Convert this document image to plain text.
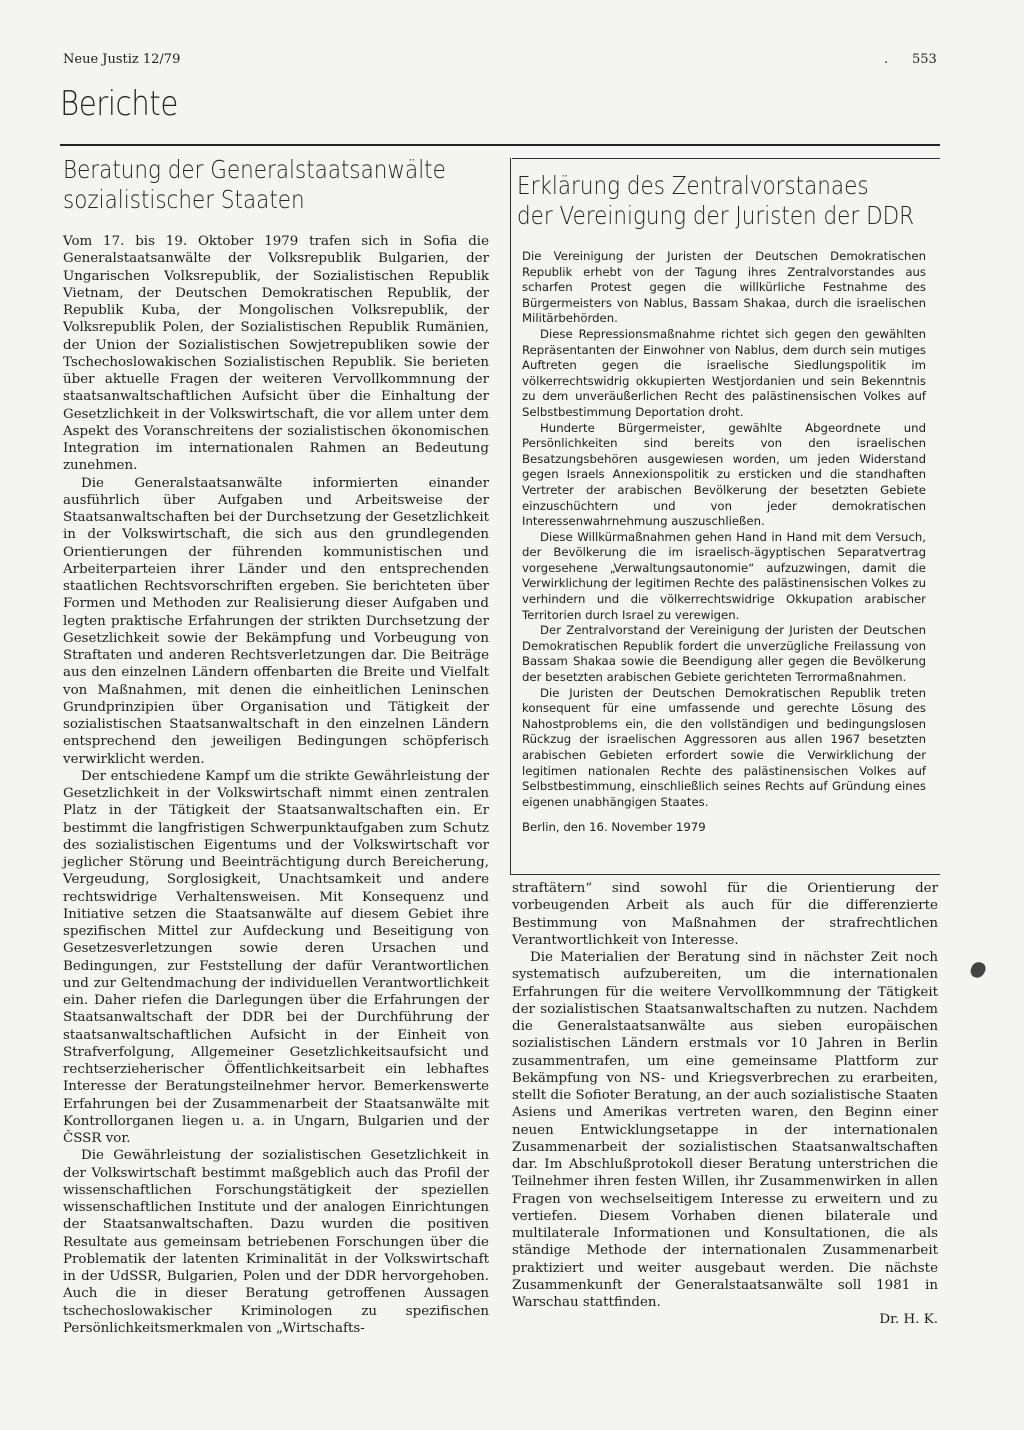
Neue Justiz 12/79	. 553
Berichte
Beratung der Generalstaatsanwälte
sozialistischer Staaten	Erklärung des Zentralvorstanaes
der Vereinigung der Juristen der DDR

Vom 17. bis 19. Oktober 1979 trafen sich in Sofia die Generalstaatsanwälte der Volksrepublik Bulgarien, der Ungarischen Volksrepublik, der Sozialistischen Republik Vietnam, der Deutschen Demokratischen Republik, der Republik Kuba, der Mongolischen Volksrepublik, der Volksrepublik Polen, der Sozialistischen Republik Rumänien, der Union der Sozialistischen Sowjetrepubliken sowie der Tschechoslowakischen Sozialistischen Republik. Sie berieten über aktuelle Fragen der weiteren Vervollkommnung der staatsanwaltschaftlichen Aufsicht über die Einhaltung der Gesetzlichkeit in der Volkswirtschaft, die vor allem unter dem Aspekt des Voranschreitens der sozialistischen ökonomischen Integration im internationalen Rahmen an Bedeutung zunehmen.

Die Generalstaatsanwälte informierten einander ausführlich über Aufgaben und Arbeitsweise der Staatsanwaltschaften bei der Durchsetzung der Gesetzlichkeit in der Volkswirtschaft, die sich aus den grundlegenden Orientierungen der führenden kommunistischen und Arbeiterparteien ihrer Länder und den entsprechenden staatlichen Rechtsvorschriften ergeben. Sie berichteten über Formen und Methoden zur Realisierung dieser Aufgaben und legten praktische Erfahrungen der strikten Durchsetzung der Gesetzlichkeit sowie der Bekämpfung und Vorbeugung von Straftaten und anderen Rechtsverletzungen dar. Die Beiträge aus den einzelnen Ländern offenbarten die Breite und Vielfalt von Maßnahmen, mit denen die einheitlichen Leninschen Grundprinzipien über Organisation und Tätigkeit der sozialistischen Staatsanwaltschaft in den einzelnen Ländern entsprechend den jeweiligen Bedingungen schöpferisch verwirklicht werden.

Der entschiedene Kampf um die strikte Gewährleistung der Gesetzlichkeit in der Volkswirtschaft nimmt einen zentralen Platz in der Tätigkeit der Staatsanwaltschaften ein. Er bestimmt die langfristigen Schwerpunktaufgaben zum Schutz des sozialistischen Eigentums und der Volkswirtschaft vor jeglicher Störung und Beeinträchtigung durch Bereicherung, Vergeudung, Sorglosigkeit, Unachtsamkeit und andere rechtswidrige Verhaltensweisen. Mit Konsequenz und Initiative setzen die Staatsanwälte auf diesem Gebiet ihre spezifischen Mittel zur Aufdeckung und Beseitigung von Gesetzesverletzungen sowie deren Ursachen und Bedingungen, zur Feststellung der dafür Verantwortlichen und zur Geltendmachung der individuellen Verantwortlichkeit ein. Daher riefen die Darlegungen über die Erfahrungen der Staatsanwaltschaft der DDR bei der Durchführung der staatsanwaltschaftlichen Aufsicht in der Einheit von Strafverfolgung, Allgemeiner Gesetzlichkeitsaufsicht und rechtserzieherischer Öffentlichkeitsarbeit ein lebhaftes Interesse der Beratungsteilnehmer hervor. Bemerkenswerte Erfahrungen bei der Zusammenarbeit der Staatsanwälte mit Kontrollorganen liegen u. a. in Ungarn, Bulgarien und der ČSSR vor.

Die Gewährleistung der sozialistischen Gesetzlichkeit in der Volkswirtschaft bestimmt maßgeblich auch das Profil der wissenschaftlichen Forschungstätigkeit der speziellen wissenschaftlichen Institute und der analogen Einrichtungen der Staatsanwaltschaften. Dazu wurden die positiven Resultate aus gemeinsam betriebenen Forschungen über die Problematik der latenten Kriminalität in der Volkswirtschaft in der UdSSR, Bulgarien, Polen und der DDR hervorgehoben. Auch die in dieser Beratung getroffenen Aussagen tschechoslowakischer Kriminologen zu spezifischen Persönlichkeitsmerkmalen von „Wirtschafts-

Die Vereinigung der Juristen der Deutschen Demokratischen Republik erhebt von der Tagung ihres Zentralvorstandes aus scharfen Protest gegen die willkürliche Festnahme des Bürgermeisters von Nablus, Bassam Shakaa, durch die israelischen Militärbehörden.

Diese Repressionsmaßnahme richtet sich gegen den gewählten Repräsentanten der Einwohner von Nablus, dem durch sein mutiges Auftreten gegen die israelische Siedlungspolitik im völkerrechtswidrig okkupierten Westjordanien und sein Bekenntnis zu dem unveräußerlichen Recht des palästinensischen Volkes auf Selbstbestimmung Deportation droht.

Hunderte Bürgermeister, gewählte Abgeordnete und Persönlichkeiten sind bereits von den israelischen Besatzungsbehören ausgewiesen worden, um jeden Widerstand gegen Israels Annexionspolitik zu ersticken und die standhaften Vertreter der arabischen Bevölkerung der besetzten Gebiete einzuschüchtern und von jeder demokratischen Interessenwahrnehmung auszuschließen.

Diese Willkürmaßnahmen gehen Hand in Hand mit dem Versuch, der Bevölkerung die im israelisch-ägyptischen Separatvertrag vorgesehene „Verwaltungsautonomie“ aufzuzwingen, damit die Verwirklichung der legitimen Rechte des palästinensischen Volkes zu verhindern und die völkerrechtswidrige Okkupation arabischer Territorien durch Israel zu verewigen.

Der Zentralvorstand der Vereinigung der Juristen der Deutschen Demokratischen Republik fordert die unverzügliche Freilassung von Bassam Shakaa sowie die Beendigung aller gegen die Bevölkerung der besetzten arabischen Gebiete gerichteten Terrormaßnahmen.

Die Juristen der Deutschen Demokratischen Republik treten konsequent für eine umfassende und gerechte Lösung des Nahostproblems ein, die den vollständigen und bedingungslosen Rückzug der israelischen Aggressoren aus allen 1967 besetzten arabischen Gebieten erfordert sowie die Verwirklichung der legitimen nationalen Rechte des palästinensischen Volkes auf Selbstbestimmung, einschließlich seines Rechts auf Gründung eines eigenen unabhängigen Staates.

Berlin, den 16. November 1979

straftätern“ sind sowohl für die Orientierung der vorbeugenden Arbeit als auch für die differenzierte Bestimmung von Maßnahmen der strafrechtlichen Verantwortlichkeit von Interesse.

Die Materialien der Beratung sind in nächster Zeit noch systematisch aufzubereiten, um die internationalen Erfahrungen für die weitere Vervollkommnung der Tätigkeit der sozialistischen Staatsanwaltschaften zu nutzen. Nachdem die Generalstaatsanwälte aus sieben europäischen sozialistischen Ländern erstmals vor 10 Jahren in Berlin zusammentrafen, um eine gemeinsame Plattform zur Bekämpfung von NS- und Kriegsverbrechen zu erarbeiten, stellt die Sofioter Beratung, an der auch sozialistische Staaten Asiens und Amerikas vertreten waren, den Beginn einer neuen Entwicklungsetappe in der internationalen Zusammenarbeit der sozialistischen Staatsanwaltschaften dar. Im Abschlußprotokoll dieser Beratung unterstrichen die Teilnehmer ihren festen Willen, ihr Zusammenwirken in allen Fragen von wechselseitigem Interesse zu erweitern und zu vertiefen. Diesem Vorhaben dienen bilaterale und multilaterale Informationen und Konsultationen, die als ständige Methode der internationalen Zusammenarbeit praktiziert und weiter ausgebaut werden. Die nächste Zusammenkunft der Generalstaatsanwälte soll 1981 in Warschau stattfinden.

Dr. H. K.
